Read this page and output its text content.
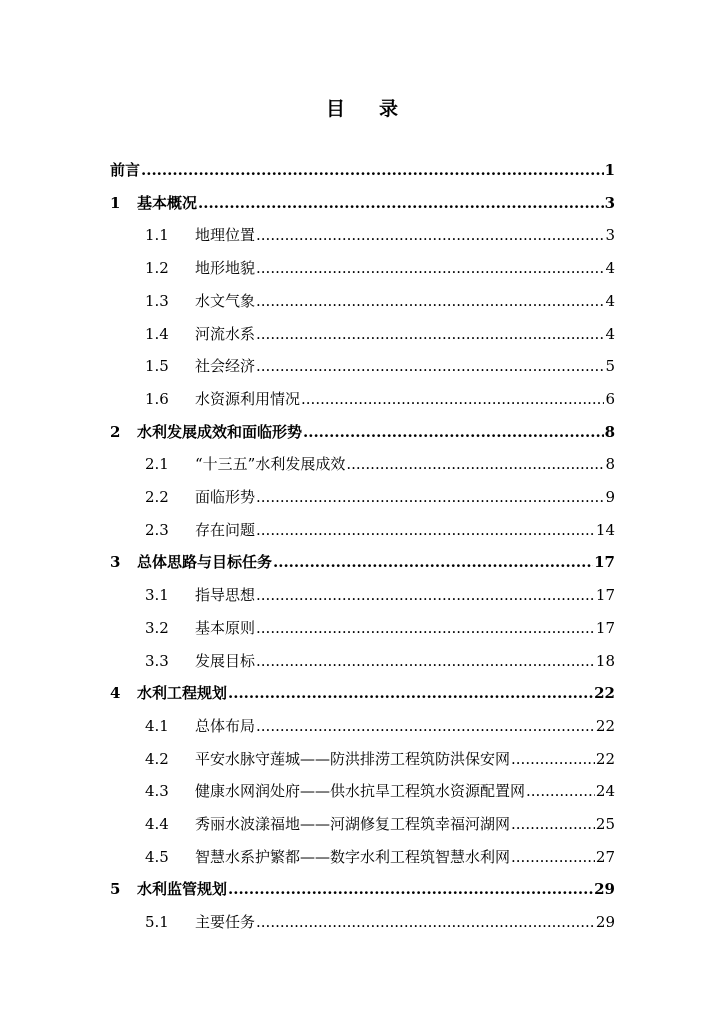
目 录
前言 .....	1
1	基本概况 .....	3
1.1	地理位置 .....	3
1.2	地形地貌 .....	4
1.3	水文气象 .....	4
1.4	河流水系 .....	4
1.5	社会经济 .....	5
1.6	水资源利用情况 .....	6
2	水利发展成效和面临形势 .....	8
2.1	“十三五”水利发展成效 .....	8
2.2	面临形势 .....	9
2.3	存在问题 .....	14
3	总体思路与目标任务 .....	17
3.1	指导思想 .....	17
3.2	基本原则 .....	17
3.3	发展目标 .....	18
4	水利工程规划 .....	22
4.1	总体布局 .....	22
4.2	平安水脉守莲城——防洪排涝工程筑防洪保安网 .....	22
4.3	健康水网润处府——供水抗旱工程筑水资源配置网 .....	24
4.4	秀丽水波漾福地——河湖修复工程筑幸福河湖网 .....	25
4.5	智慧水系护繁都——数字水利工程筑智慧水利网 .....	27
5	水利监管规划 .....	29
5.1	主要任务 .....	29
